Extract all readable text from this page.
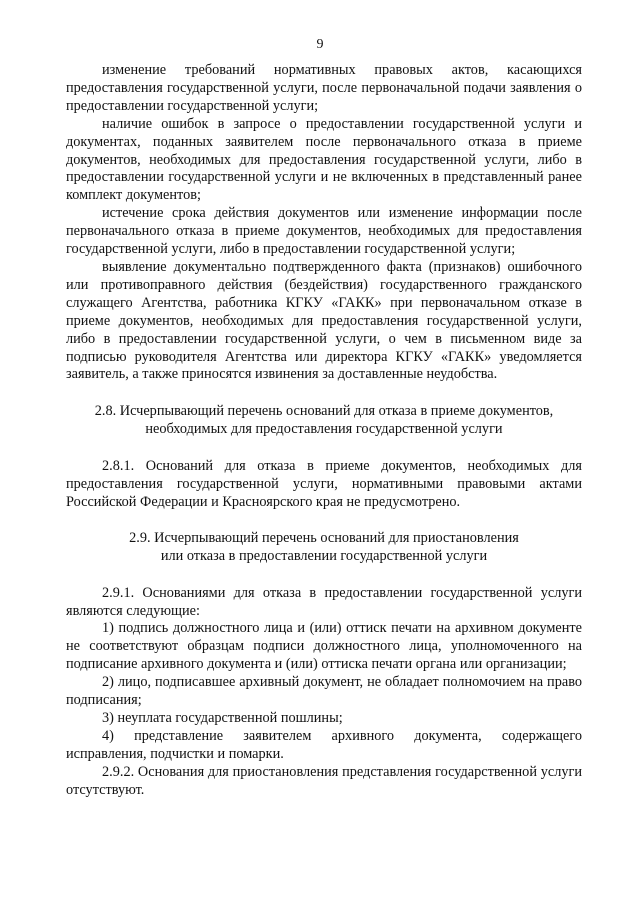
9

изменение требований нормативных правовых актов, касающихся предоставления государственной услуги, после первоначальной подачи заявления о предоставлении государственной услуги;

наличие ошибок в запросе о предоставлении государственной услуги и документах, поданных заявителем после первоначального отказа в приеме документов, необходимых для предоставления государственной услуги, либо в предоставлении государственной услуги и не включенных в представленный ранее комплект документов;

истечение срока действия документов или изменение информации после первоначального отказа в приеме документов, необходимых для предоставления государственной услуги, либо в предоставлении государственной услуги;

выявление документально подтвержденного факта (признаков) ошибочного или противоправного действия (бездействия) государственного гражданского служащего Агентства, работника КГКУ «ГАКК» при первоначальном отказе в приеме документов, необходимых для предоставления государственной услуги, либо в предоставлении государственной услуги, о чем в письменном виде за подписью руководителя Агентства или директора КГКУ «ГАКК» уведомляется заявитель, а также приносятся извинения за доставленные неудобства.

2.8. Исчерпывающий перечень оснований для отказа в приеме документов,
необходимых для предоставления государственной услуги

2.8.1. Оснований для отказа в приеме документов, необходимых для предоставления государственной услуги, нормативными правовыми актами Российской Федерации и Красноярского края не предусмотрено.

2.9. Исчерпывающий перечень оснований для приостановления
или отказа в предоставлении государственной услуги

2.9.1. Основаниями для отказа в предоставлении государственной услуги являются следующие:

1) подпись должностного лица и (или) оттиск печати на архивном документе не соответствуют образцам подписи должностного лица, уполномоченного на подписание архивного документа и (или) оттиска печати органа или организации;

2) лицо, подписавшее архивный документ, не обладает полномочием на право подписания;

3) неуплата государственной пошлины;

4) представление заявителем архивного документа, содержащего исправления, подчистки и помарки.

2.9.2. Основания для приостановления представления государственной услуги отсутствуют.
